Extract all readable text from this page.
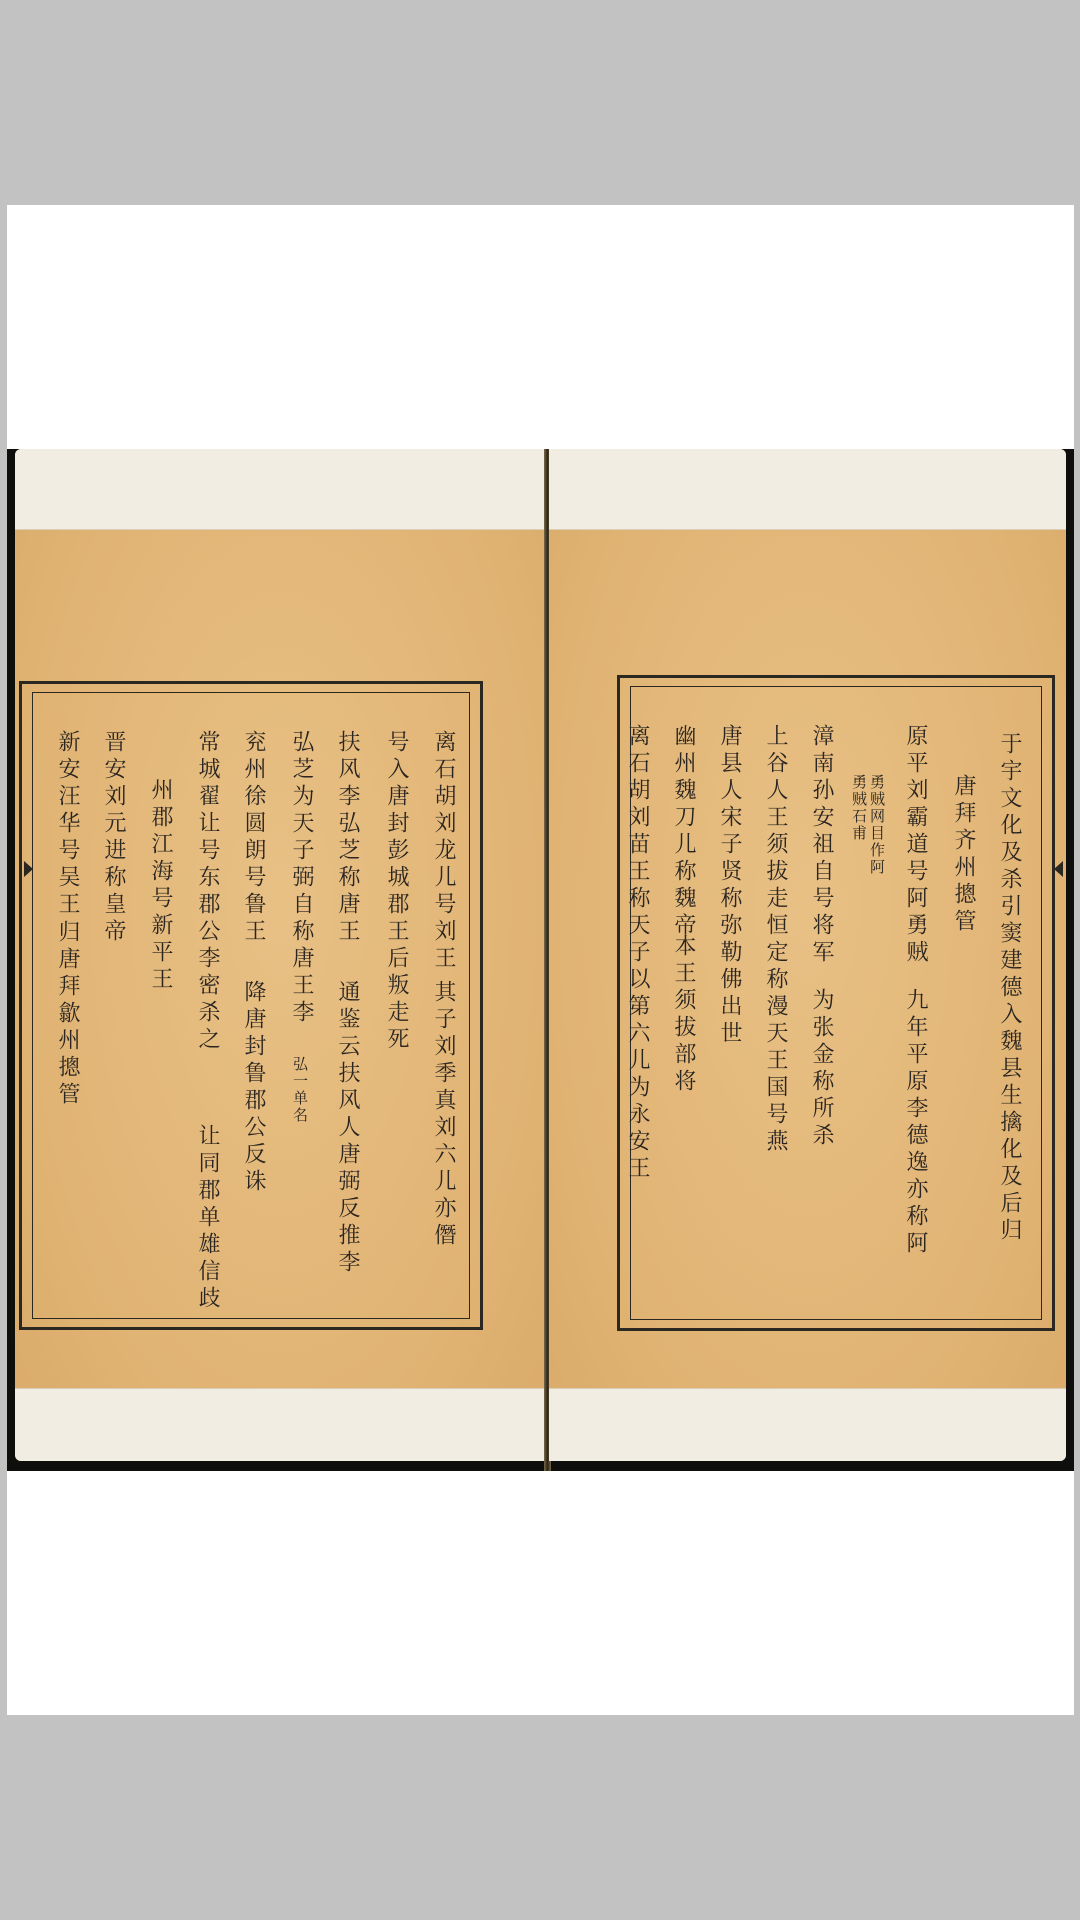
离石胡刘龙儿号刘王
其子刘季真刘六儿亦僭
号入唐封彭城郡王后叛走死
扶风李弘芝称唐王
通鉴云扶风人唐弼反推李
弘芝为天子弼自称唐王李
弘一单名
兖州徐圆朗号鲁王
降唐封鲁郡公反诛
常城翟让号东郡公李密杀之
让同郡单雄信歧
州郡江海号新平王
晋安刘元进称皇帝
新安汪华号吴王
归唐拜歙州摠管	于宇文化及杀引窦建德入魏县生擒化及后归
唐拜齐州摠管
原平刘霸道号阿勇贼
勇贼网目作阿
勇贼石甫
九年平原李德逸亦称阿
漳南孙安祖自号将军
为张金称所杀
上谷人王须拔走恒定称漫天王国号燕
唐县人宋子贤称弥勒佛出世
幽州魏刀儿称魏帝
本王须拔部将
离石胡刘苗王称天子以第六儿为永安王
